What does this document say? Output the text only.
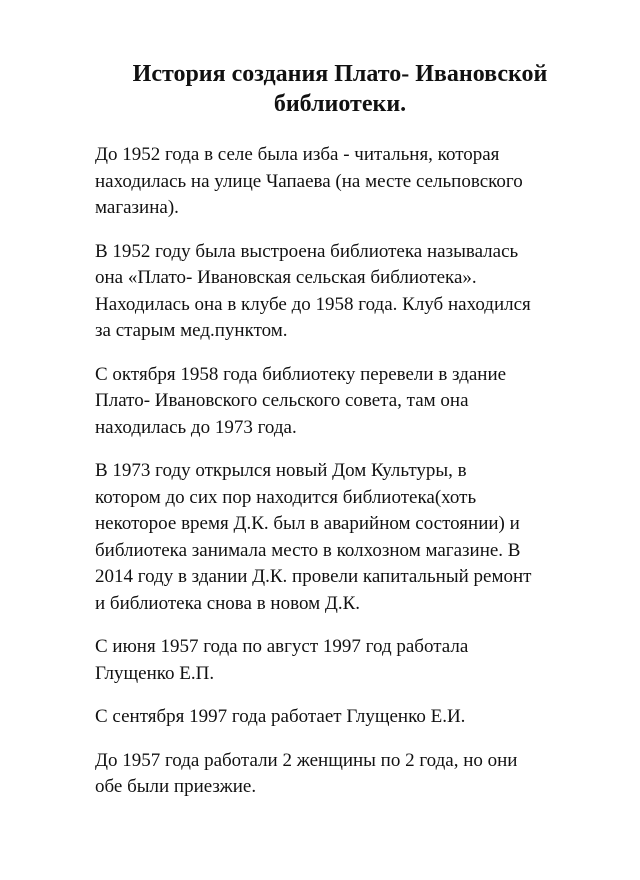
История создания Плато- Ивановской
библиотеки.

До 1952 года в селе была изба - читальня, которая
находилась на улице Чапаева (на месте сельповского
магазина).

В 1952 году была выстроена библиотека называлась
она «Плато- Ивановская сельская библиотека».
Находилась она в клубе до 1958 года. Клуб находился
за старым мед.пунктом.

С октября 1958 года библиотеку перевели в здание
Плато- Ивановского сельского совета, там она
находилась до 1973 года.

В 1973 году открылся новый Дом Культуры, в
котором до сих пор находится библиотека(хоть
некоторое время Д.К. был в аварийном состоянии) и
библиотека занимала место в колхозном магазине. В
2014 году в здании Д.К. провели капитальный ремонт
и библиотека снова в новом Д.К.

С июня 1957 года по август 1997 год работала
Глущенко Е.П.

С сентября 1997 года работает Глущенко Е.И.

До 1957 года работали 2 женщины по 2 года, но они
обе были приезжие.
